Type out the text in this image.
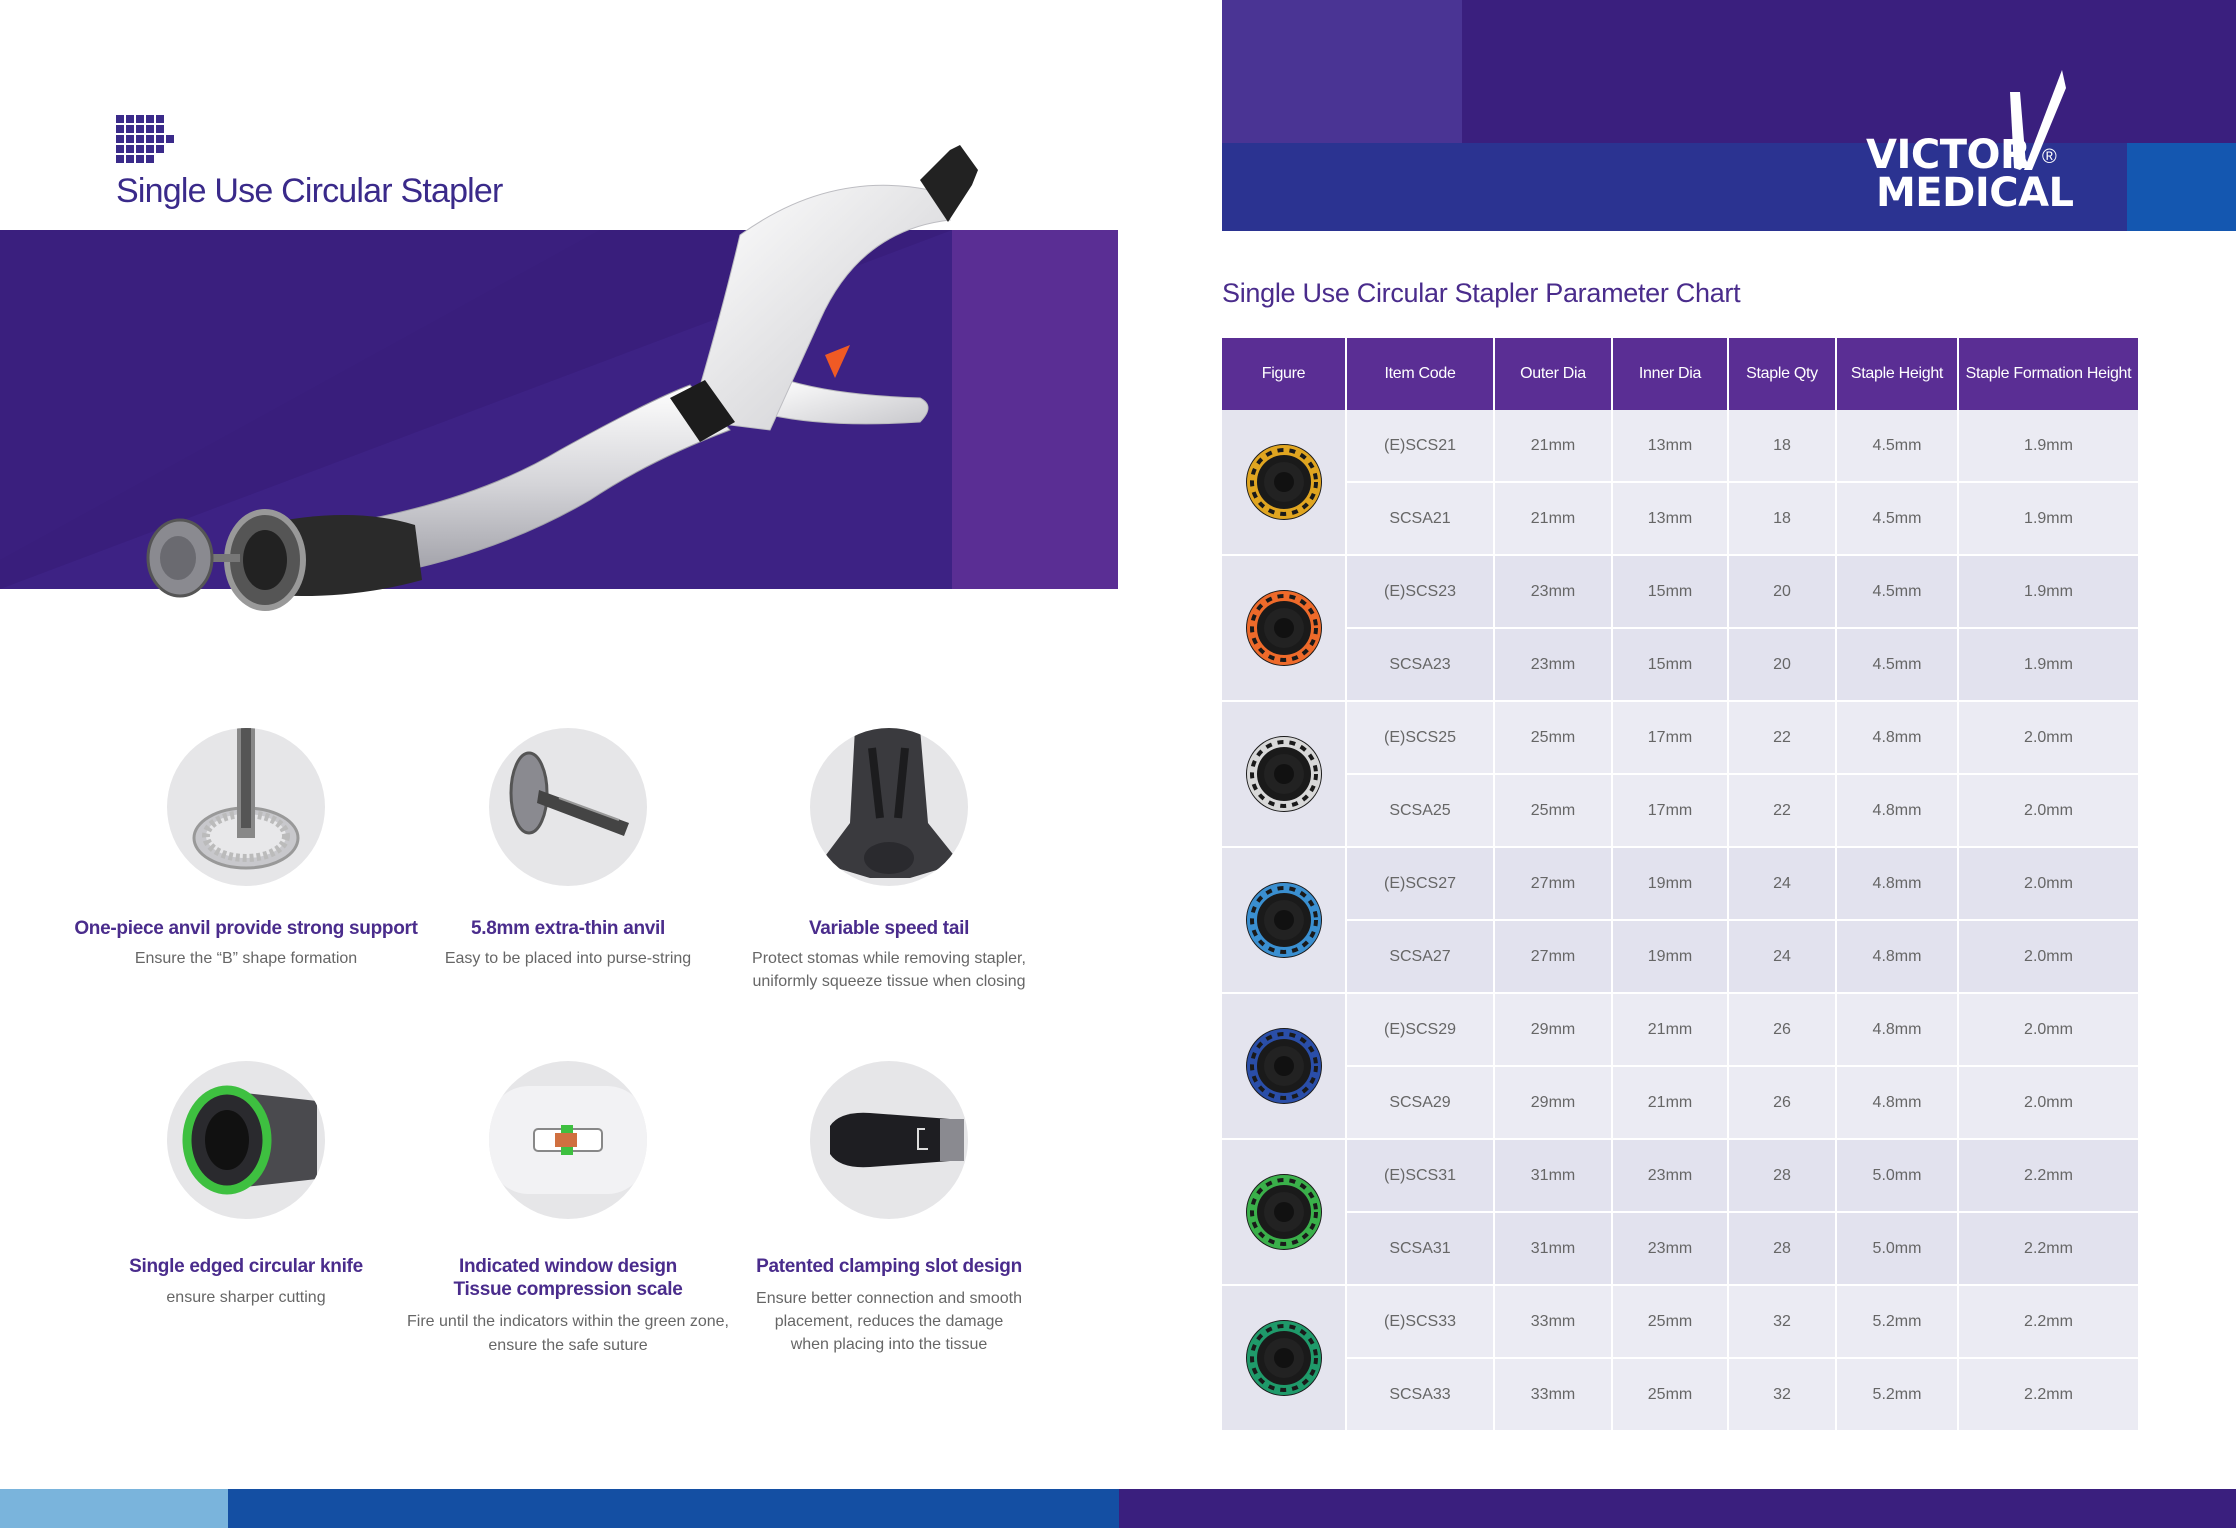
Single Use Circular Stapler
One-piece anvil provide strong support
Ensure the “B” shape formation
5.8mm extra-thin anvil
Easy to be placed into purse-string
Variable speed tail
Protect stomas while removing stapler,
uniformly squeeze tissue when closing
Single edged circular knife
ensure sharper cutting
Indicated window design
Tissue compression scale
Fire until the indicators within the green zone,
ensure the safe suture
Patented clamping slot design
Ensure better connection and smooth
placement, reduces the damage
when placing into the tissue
VICTOR
MEDICAL
®
Single Use Circular Stapler Parameter Chart
Figure	Item Code	Outer Dia	Inner Dia	Staple Qty	Staple Height	Staple Formation Height

	(E)SCS21	21mm	13mm	18	4.5mm	1.9mm
	SCSA21	21mm	13mm	18	4.5mm	1.9mm

	(E)SCS23	23mm	15mm	20	4.5mm	1.9mm
	SCSA23	23mm	15mm	20	4.5mm	1.9mm

	(E)SCS25	25mm	17mm	22	4.8mm	2.0mm
	SCSA25	25mm	17mm	22	4.8mm	2.0mm

	(E)SCS27	27mm	19mm	24	4.8mm	2.0mm
	SCSA27	27mm	19mm	24	4.8mm	2.0mm

	(E)SCS29	29mm	21mm	26	4.8mm	2.0mm
	SCSA29	29mm	21mm	26	4.8mm	2.0mm

	(E)SCS31	31mm	23mm	28	5.0mm	2.2mm
	SCSA31	31mm	23mm	28	5.0mm	2.2mm

	(E)SCS33	33mm	25mm	32	5.2mm	2.2mm
	SCSA33	33mm	25mm	32	5.2mm	2.2mm
